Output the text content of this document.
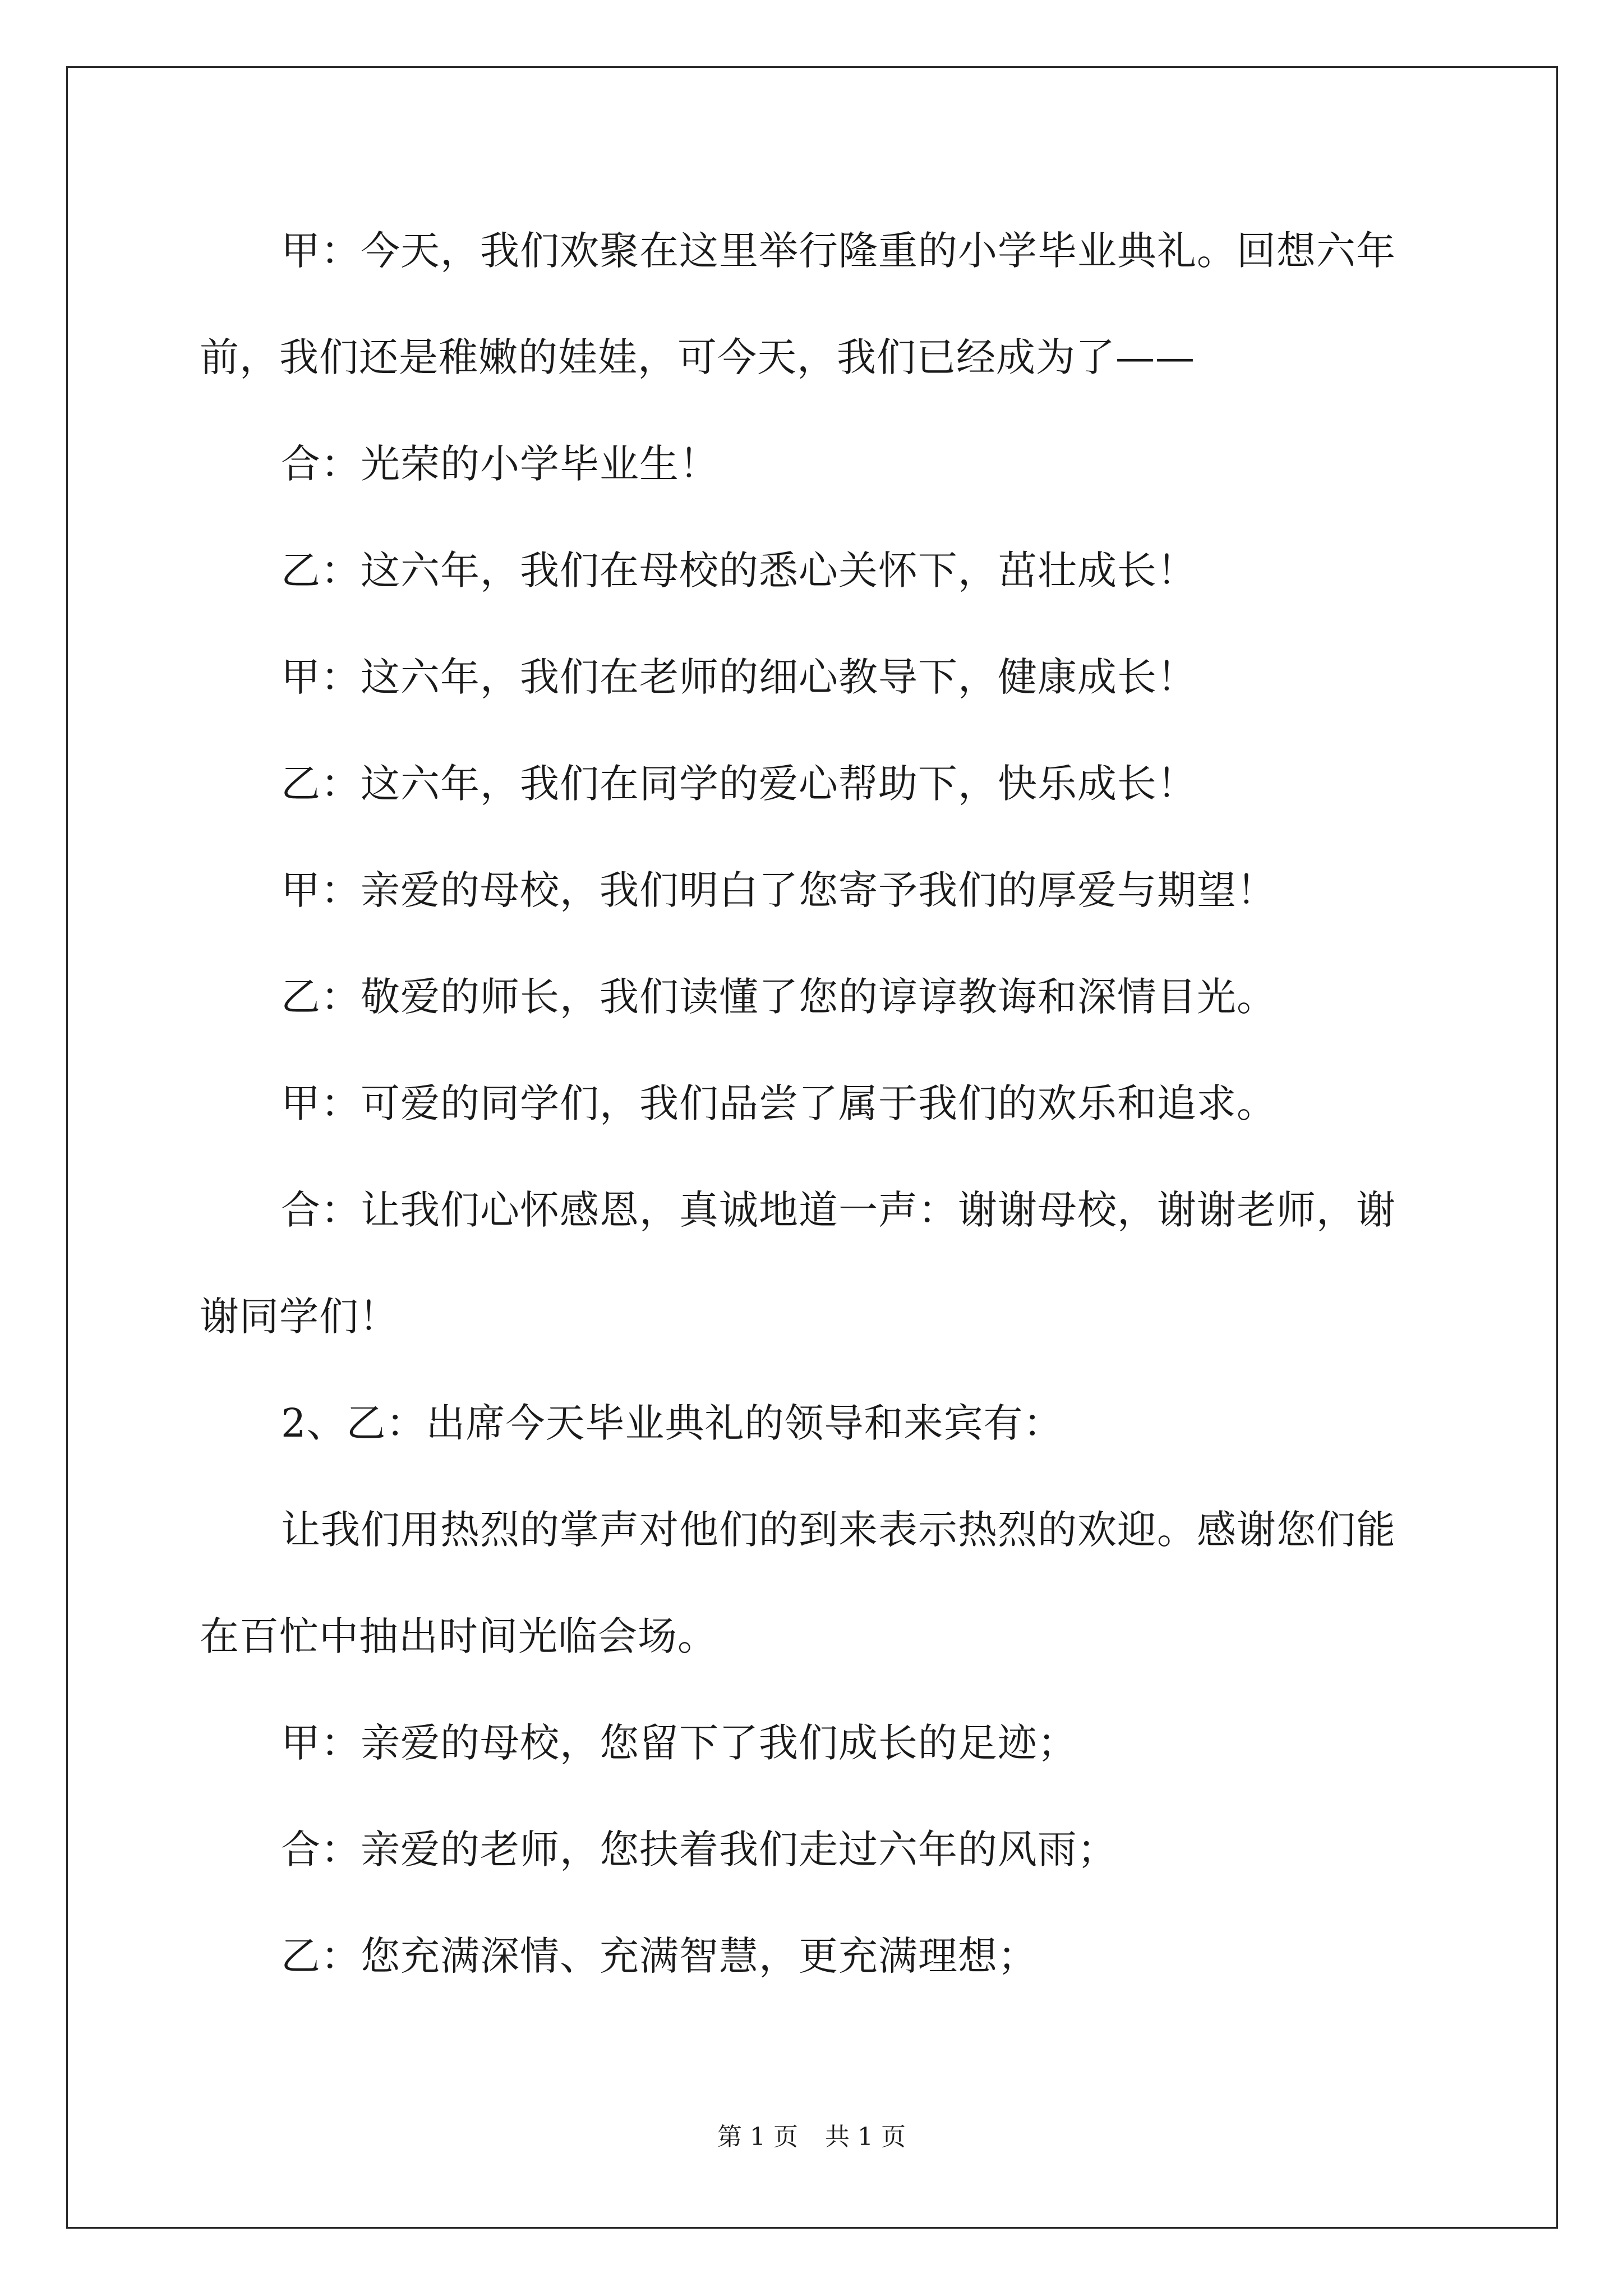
甲：今天，我们欢聚在这里举行隆重的小学毕业典礼。回想六年前，我们还是稚嫩的娃娃，可今天，我们已经成为了——
合：光荣的小学毕业生！
乙：这六年，我们在母校的悉心关怀下，茁壮成长！
甲：这六年，我们在老师的细心教导下，健康成长！
乙：这六年，我们在同学的爱心帮助下，快乐成长！
甲：亲爱的母校，我们明白了您寄予我们的厚爱与期望！
乙：敬爱的师长，我们读懂了您的谆谆教诲和深情目光。
甲：可爱的同学们，我们品尝了属于我们的欢乐和追求。
合：让我们心怀感恩，真诚地道一声：谢谢母校，谢谢老师，谢谢同学们！
2、乙：出席今天毕业典礼的领导和来宾有：
让我们用热烈的掌声对他们的到来表示热烈的欢迎。感谢您们能在百忙中抽出时间光临会场。
甲：亲爱的母校，您留下了我们成长的足迹；
合：亲爱的老师，您扶着我们走过六年的风雨；
乙：您充满深情、充满智慧，更充满理想；
第 1 页 共 1 页
